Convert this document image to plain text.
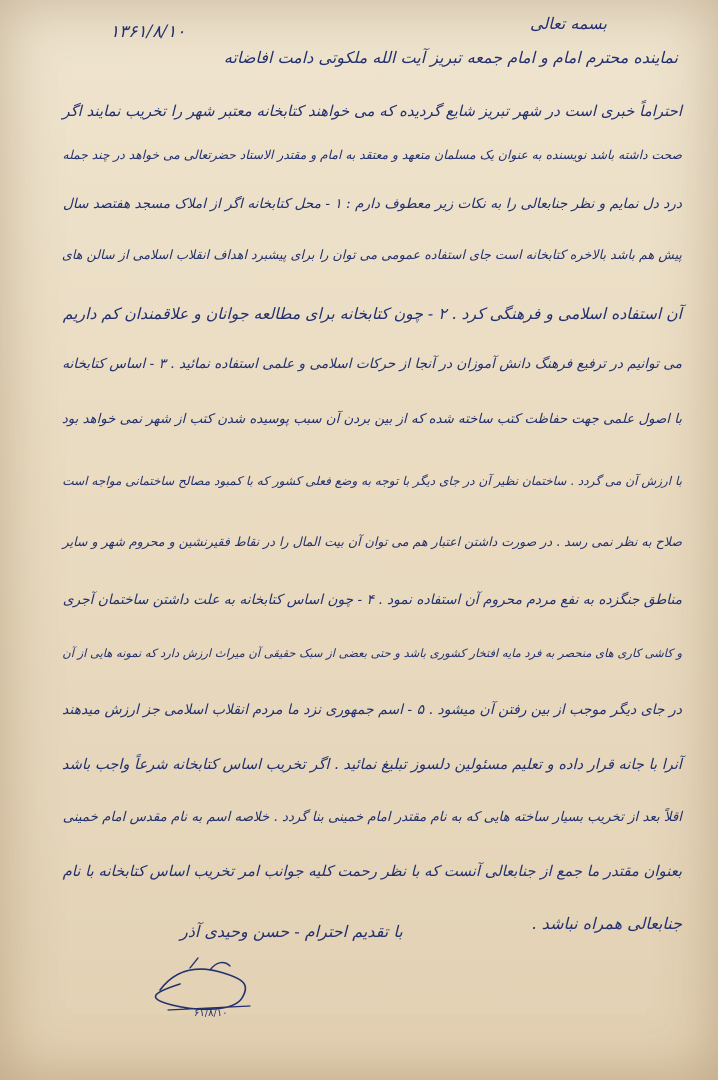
۱۳۶۱/۸/۱۰	بسمه تعالی
نماینده محترم امام و امام جمعه تبریز آیت الله ملکوتی دامت افاضاته
احتراماً خبری است در شهر تبریز شایع گردیده که می خواهند کتابخانه معتبر شهر را تخریب نمایند اگر
صحت داشته باشد نویسنده به عنوان یک مسلمان متعهد و معتقد به امام و مقتدر الاستاد حضرتعالی می خواهد در چند جمله
درد دل نمایم و نظر جنابعالی را به نکات زیر معطوف دارم : ۱ - محل کتابخانه اگر از املاک مسجد هفتصد سال
پیش هم باشد بالاخره کتابخانه است جای استفاده عمومی می توان را برای پیشبرد اهداف انقلاب اسلامی از سالن های
آن استفاده اسلامی و فرهنگی کرد . ۲ - چون کتابخانه برای مطالعه جوانان و علاقمندان کم داریم
می توانیم در ترفیع فرهنگ دانش آموزان در آنجا از حرکات اسلامی و علمی استفاده نمائید . ۳ - اساس کتابخانه
با اصول علمی جهت حفاظت کتب ساخته شده که از بین بردن آن سبب پوسیده شدن کتب از شهر نمی خواهد بود
با ارزش آن می گردد . ساختمان نظیر آن در جای دیگر با توجه به وضع فعلی کشور که با کمبود مصالح ساختمانی مواجه است
صلاح به نظر نمی رسد . در صورت داشتن اعتبار هم می توان آن بیت المال را در نقاط فقیرنشین و محروم شهر و سایر
مناطق جنگزده به نفع مردم محروم آن استفاده نمود . ۴ - چون اساس کتابخانه به علت داشتن ساختمان آجری
و کاشی کاری های منحصر به فرد مایه افتخار کشوری باشد و حتی بعضی از سبک حقیقی آن میراث ارزش دارد که نمونه هایی از آن
در جای دیگر موجب از بین رفتن آن میشود . ۵ - اسم جمهوری نزد ما مردم انقلاب اسلامی جز ارزش میدهند
آنرا با جانه قرار داده و تعلیم مسئولین دلسوز تبلیغ نمائید . اگر تخریب اساس کتابخانه شرعاً واجب باشد
اقلاً بعد از تخریب بسیار ساخته هایی که به نام مقتدر امام خمینی بنا گردد . خلاصه اسم به نام مقدس امام خمینی
بعنوان مقتدر ما جمع از جنابعالی آنست که با نظر رحمت کلیه جوانب امر تخریب اساس کتابخانه با نام
جنابعالی همراه نباشد .
با تقدیم احترام - حسن وحیدی آذر
۶۱/۸/۱۰
